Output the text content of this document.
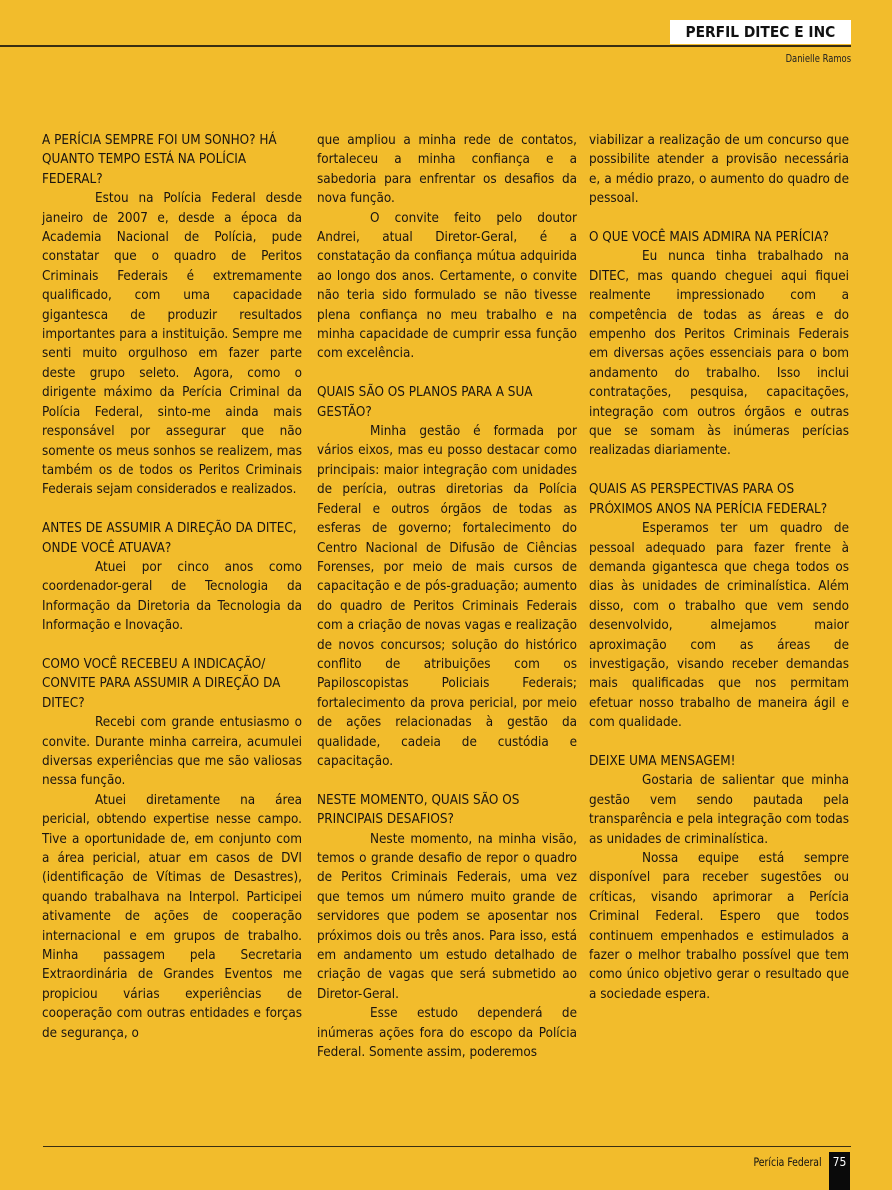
PERFIL DITEC E INC
Danielle Ramos

A PERÍCIA SEMPRE FOI UM SONHO? HÁ QUANTO TEMPO ESTÁ NA POLÍCIA FEDERAL?

Estou na Polícia Federal desde janeiro de 2007 e, desde a época da Academia Nacional de Polícia, pude constatar que o quadro de Peritos Criminais Federais é extremamente qualificado, com uma capacidade gigantesca de produzir resultados importantes para a instituição. Sempre me senti muito orgulhoso em fazer parte deste grupo seleto. Agora, como o dirigente máximo da Perícia Criminal da Polícia Federal, sinto-me ainda mais responsável por assegurar que não somente os meus sonhos se realizem, mas também os de todos os Peritos Criminais Federais sejam considerados e realizados.

ANTES DE ASSUMIR A DIREÇÃO DA DITEC, ONDE VOCÊ ATUAVA?

Atuei por cinco anos como coordenador-geral de Tecnologia da Informação da Diretoria da Tecnologia da Informação e Inovação.

COMO VOCÊ RECEBEU A INDICAÇÃO/ CONVITE PARA ASSUMIR A DIREÇÃO DA DITEC?

Recebi com grande entusiasmo o convite. Durante minha carreira, acumulei diversas experiências que me são valiosas nessa função.

Atuei diretamente na área pericial, obtendo expertise nesse campo. Tive a oportunidade de, em conjunto com a área pericial, atuar em casos de DVI (identificação de Vítimas de Desastres), quando trabalhava na Interpol. Participei ativamente de ações de cooperação internacional e em grupos de trabalho. Minha passagem pela Secretaria Extraordinária de Grandes Eventos me propiciou várias experiências de cooperação com outras entidades e forças de segurança, o

que ampliou a minha rede de contatos, fortaleceu a minha confiança e a sabedoria para enfrentar os desafios da nova função.

O convite feito pelo doutor Andrei, atual Diretor-Geral, é a constatação da confiança mútua adquirida ao longo dos anos. Certamente, o convite não teria sido formulado se não tivesse plena confiança no meu trabalho e na minha capacidade de cumprir essa função com excelência.

QUAIS SÃO OS PLANOS PARA A SUA GESTÃO?

Minha gestão é formada por vários eixos, mas eu posso destacar como principais: maior integração com unidades de perícia, outras diretorias da Polícia Federal e outros órgãos de todas as esferas de governo; fortalecimento do Centro Nacional de Difusão de Ciências Forenses, por meio de mais cursos de capacitação e de pós-graduação; aumento do quadro de Peritos Criminais Federais com a criação de novas vagas e realização de novos concursos; solução do histórico conflito de atribuições com os Papiloscopistas Policiais Federais; fortalecimento da prova pericial, por meio de ações relacionadas à gestão da qualidade, cadeia de custódia e capacitação.

NESTE MOMENTO, QUAIS SÃO OS PRINCIPAIS DESAFIOS?

Neste momento, na minha visão, temos o grande desafio de repor o quadro de Peritos Criminais Federais, uma vez que temos um número muito grande de servidores que podem se aposentar nos próximos dois ou três anos. Para isso, está em andamento um estudo detalhado de criação de vagas que será submetido ao Diretor-Geral.

Esse estudo dependerá de inúmeras ações fora do escopo da Polícia Federal. Somente assim, poderemos

viabilizar a realização de um concurso que possibilite atender a provisão necessária e, a médio prazo, o aumento do quadro de pessoal.

O QUE VOCÊ MAIS ADMIRA NA PERÍCIA?

Eu nunca tinha trabalhado na DITEC, mas quando cheguei aqui fiquei realmente impressionado com a competência de todas as áreas e do empenho dos Peritos Criminais Federais em diversas ações essenciais para o bom andamento do trabalho. Isso inclui contratações, pesquisa, capacitações, integração com outros órgãos e outras que se somam às inúmeras perícias realizadas diariamente.

QUAIS AS PERSPECTIVAS PARA OS PRÓXIMOS ANOS NA PERÍCIA FEDERAL?

Esperamos ter um quadro de pessoal adequado para fazer frente à demanda gigantesca que chega todos os dias às unidades de criminalística. Além disso, com o trabalho que vem sendo desenvolvido, almejamos maior aproximação com as áreas de investigação, visando receber demandas mais qualificadas que nos permitam efetuar nosso trabalho de maneira ágil e com qualidade.

DEIXE UMA MENSAGEM!

Gostaria de salientar que minha gestão vem sendo pautada pela transparência e pela integração com todas as unidades de criminalística.

Nossa equipe está sempre disponível para receber sugestões ou críticas, visando aprimorar a Perícia Criminal Federal. Espero que todos continuem empenhados e estimulados a fazer o melhor trabalho possível que tem como único objetivo gerar o resultado que a sociedade espera.

Perícia Federal 75
